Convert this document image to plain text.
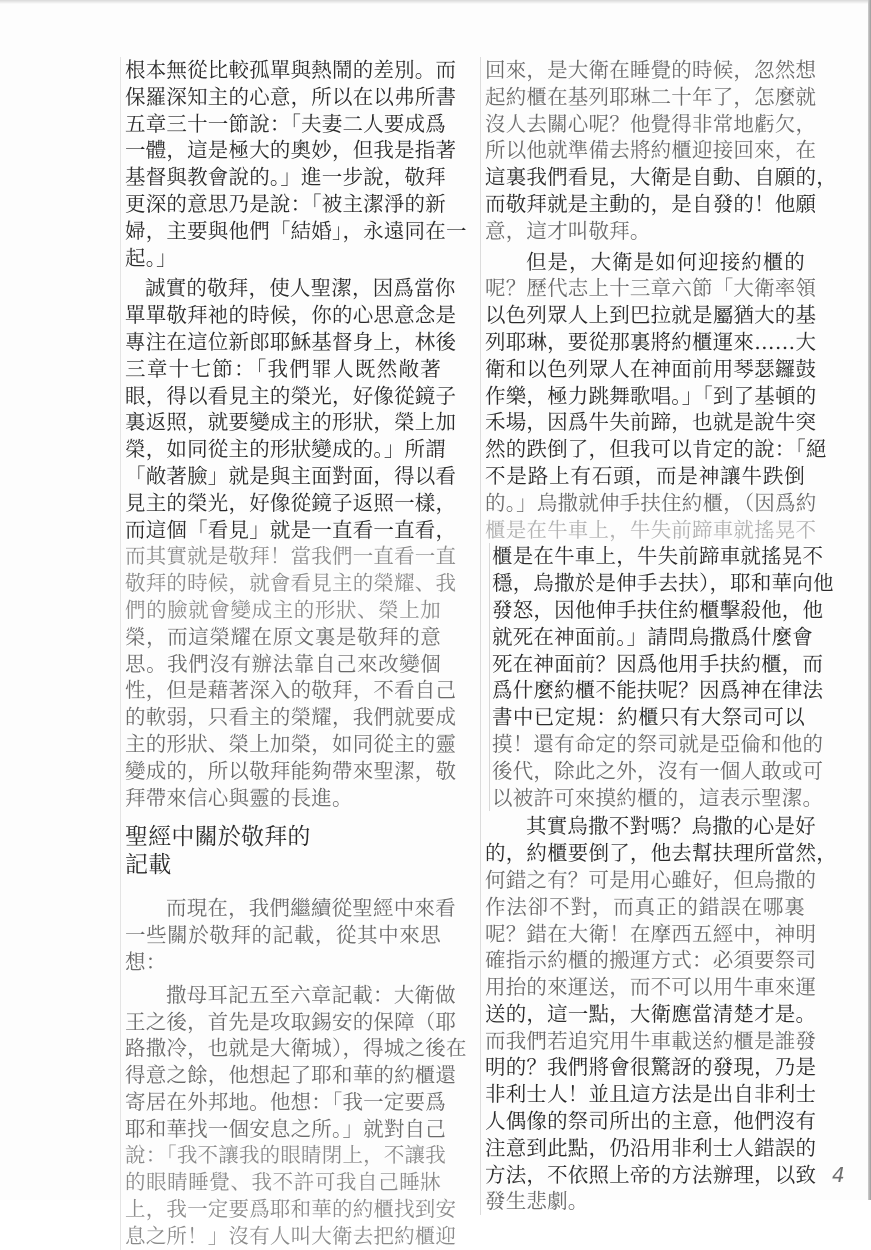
根本無從比較孤單與熱鬧的差別。而
保羅深知主的心意，所以在以弗所書
五章三十一節說：「夫妻二人要成爲
一體，這是極大的奧妙，但我是指著
基督與教會說的。」進一步說，敬拜
更深的意思乃是說：「被主潔淨的新
婦，主要與他們「結婚」，永遠同在一
起。」
誠實的敬拜，使人聖潔，因爲當你
單單敬拜祂的時候，你的心思意念是
專注在這位新郎耶穌基督身上，林後
三章十七節：「我們罪人既然敞著
眼，得以看見主的榮光，好像從鏡子
裏返照，就要變成主的形狀，榮上加
榮，如同從主的形狀變成的。」所謂
「敞著臉」就是與主面對面，得以看
見主的榮光，好像從鏡子返照一樣，
而這個「看見」就是一直看一直看，
而其實就是敬拜！當我們一直看一直
敬拜的時候，就會看見主的榮耀、我
們的臉就會變成主的形狀、榮上加
榮，而這榮耀在原文裏是敬拜的意
思。我們沒有辦法靠自己來改變個
性，但是藉著深入的敬拜，不看自己
的軟弱，只看主的榮耀，我們就要成
主的形狀、榮上加榮，如同從主的靈
變成的，所以敬拜能夠帶來聖潔，敬
拜帶來信心與靈的長進。
聖經中關於敬拜的
記載
而現在，我們繼續從聖經中來看
一些關於敬拜的記載，從其中來思
想：
撒母耳記五至六章記載：大衛做
王之後，首先是攻取錫安的保障（耶
路撒冷，也就是大衛城），得城之後在
得意之餘，他想起了耶和華的約櫃還
寄居在外邦地。他想：「我一定要爲
耶和華找一個安息之所。」就對自己
說：「我不讓我的眼睛閉上，不讓我
的眼睛睡覺、我不許可我自己睡牀
上，我一定要爲耶和華的約櫃找到安
息之所！」沒有人叫大衛去把約櫃迎
回來，是大衛在睡覺的時候，忽然想
起約櫃在基列耶琳二十年了，怎麼就
沒人去關心呢？他覺得非常地虧欠，
所以他就準備去將約櫃迎接回來，在
這裏我們看見，大衛是自動、自願的，
而敬拜就是主動的，是自發的！他願
意，這才叫敬拜。
但是，大衛是如何迎接約櫃的
呢？歷代志上十三章六節「大衛率領
以色列眾人上到巴拉就是屬猶大的基
列耶琳，要從那裏將約櫃運來……大
衛和以色列眾人在神面前用琴瑟鑼鼓
作樂，極力跳舞歌唱。」「到了基頓的
禾場，因爲牛失前蹄，也就是說牛突
然的跌倒了，但我可以肯定的說：「絕
不是路上有石頭，而是神讓牛跌倒
的。」烏撒就伸手扶住約櫃，（因爲約
櫃是在牛車上，牛失前蹄車就搖晃不
櫃是在牛車上，牛失前蹄車就搖晃不
穩，烏撒於是伸手去扶），耶和華向他
發怒，因他伸手扶住約櫃擊殺他，他
就死在神面前。」請問烏撒爲什麼會
死在神面前？因爲他用手扶約櫃，而
爲什麼約櫃不能扶呢？因爲神在律法
書中已定規：約櫃只有大祭司可以
摸！還有命定的祭司就是亞倫和他的
後代，除此之外，沒有一個人敢或可
以被許可來摸約櫃的，這表示聖潔。
其實烏撒不對嗎？烏撒的心是好
的，約櫃要倒了，他去幫扶理所當然，
何錯之有？可是用心雖好，但烏撒的
作法卻不對，而真正的錯誤在哪裏
呢？錯在大衛！在摩西五經中，神明
確指示約櫃的搬運方式：必須要祭司
用抬的來運送，而不可以用牛車來運
送的，這一點，大衛應當清楚才是。
而我們若追究用牛車載送約櫃是誰發
明的？我們將會很驚訝的發現，乃是
非利士人！並且這方法是出自非利士
人偶像的祭司所出的主意，他們沒有
注意到此點，仍沿用非利士人錯誤的
方法，不依照上帝的方法辦理，以致
發生悲劇。
4
